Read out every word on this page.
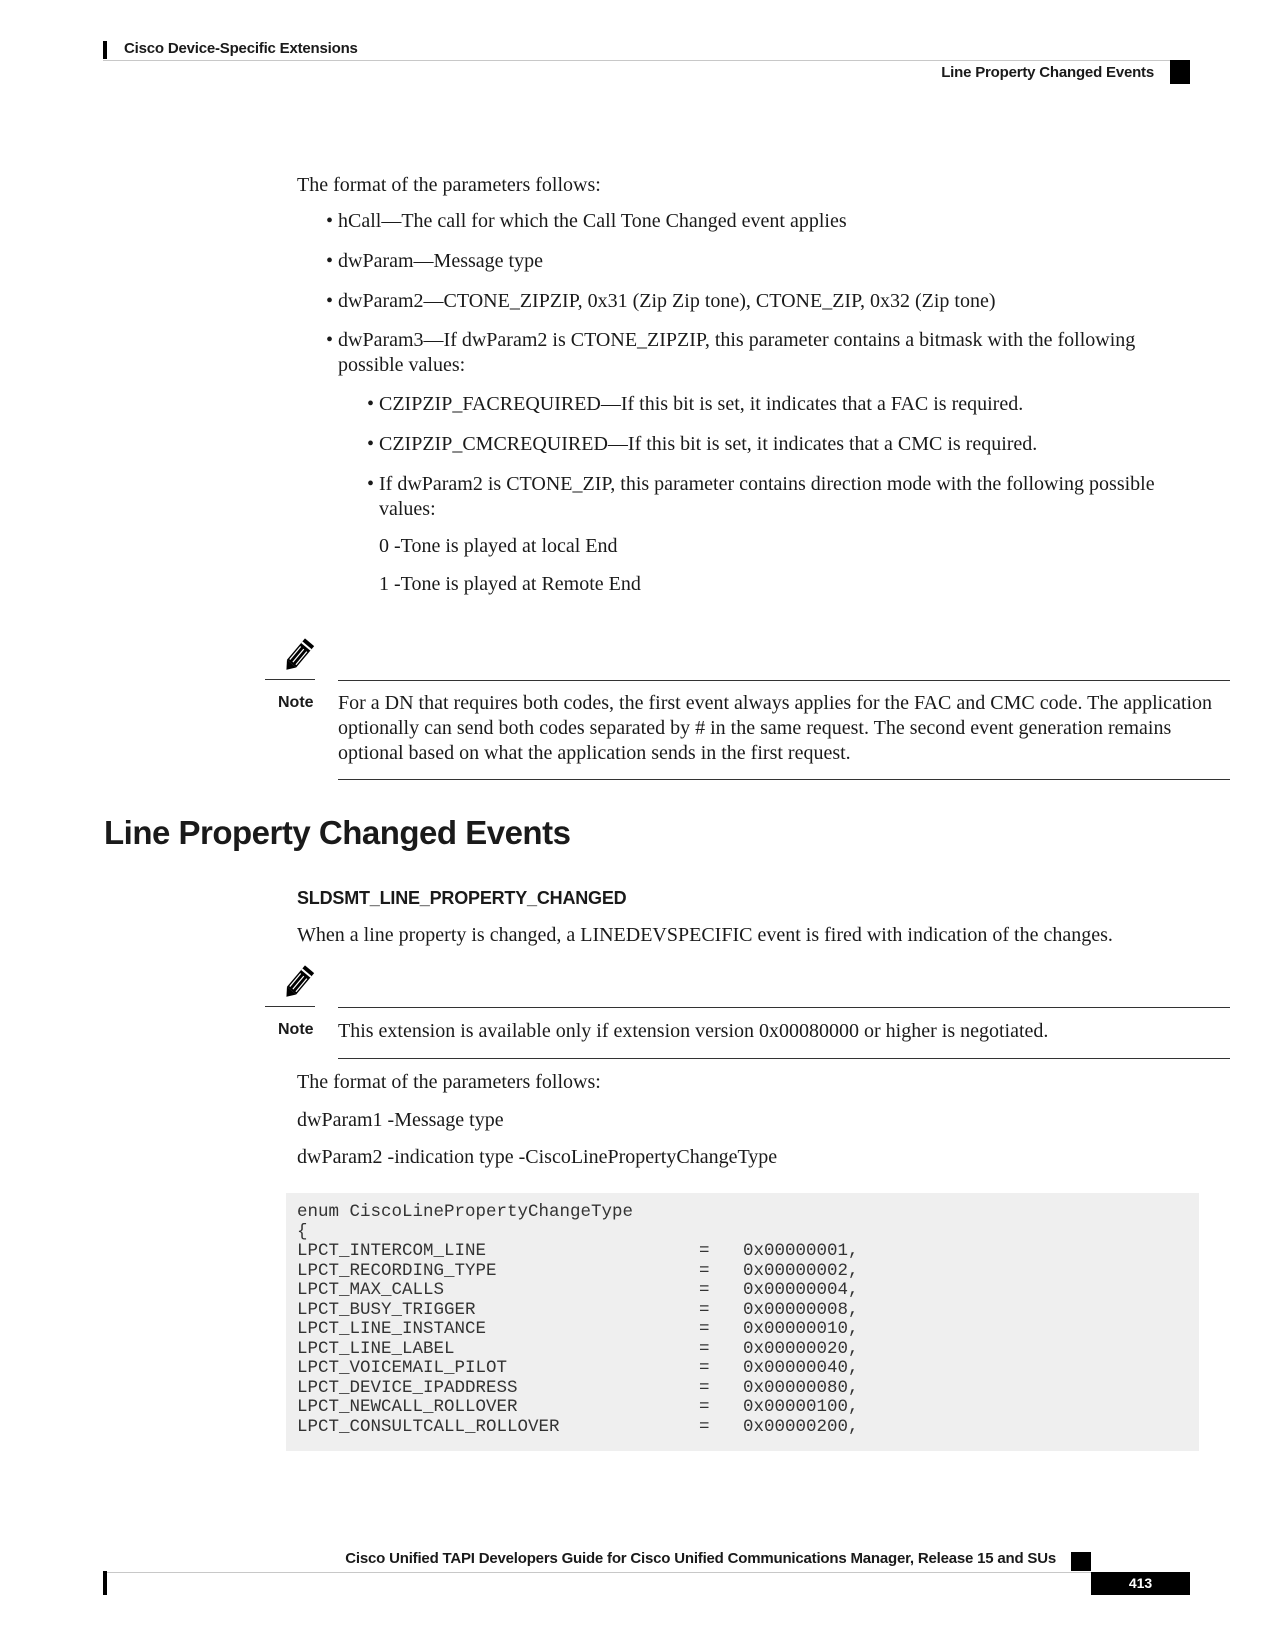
Cisco Device-Specific Extensions
Line Property Changed Events
The format of the parameters follows:
• hCall—The call for which the Call Tone Changed event applies
• dwParam—Message type
• dwParam2—CTONE_ZIPZIP, 0x31 (Zip Zip tone), CTONE_ZIP, 0x32 (Zip tone)
• dwParam3—If dwParam2 is CTONE_ZIPZIP, this parameter contains a bitmask with the following possible values:
• CZIPZIP_FACREQUIRED—If this bit is set, it indicates that a FAC is required.
• CZIPZIP_CMCREQUIRED—If this bit is set, it indicates that a CMC is required.
• If dwParam2 is CTONE_ZIP, this parameter contains direction mode with the following possible values:
0 -Tone is played at local End
1 -Tone is played at Remote End
Note For a DN that requires both codes, the first event always applies for the FAC and CMC code. The application optionally can send both codes separated by # in the same request. The second event generation remains optional based on what the application sends in the first request.
Line Property Changed Events
SLDSMT_LINE_PROPERTY_CHANGED
When a line property is changed, a LINEDEVSPECIFIC event is fired with indication of the changes.
Note This extension is available only if extension version 0x00080000 or higher is negotiated.
The format of the parameters follows:
dwParam1 -Message type
dwParam2 -indication type -CiscoLinePropertyChangeType
enum CiscoLinePropertyChangeType
{
LPCT_INTERCOM_LINE	= 0x00000001,
LPCT_RECORDING_TYPE	= 0x00000002,
LPCT_MAX_CALLS	= 0x00000004,
LPCT_BUSY_TRIGGER	= 0x00000008,
LPCT_LINE_INSTANCE	= 0x00000010,
LPCT_LINE_LABEL	= 0x00000020,
LPCT_VOICEMAIL_PILOT	= 0x00000040,
LPCT_DEVICE_IPADDRESS	= 0x00000080,
LPCT_NEWCALL_ROLLOVER	= 0x00000100,
LPCT_CONSULTCALL_ROLLOVER	= 0x00000200,
Cisco Unified TAPI Developers Guide for Cisco Unified Communications Manager, Release 15 and SUs
413
